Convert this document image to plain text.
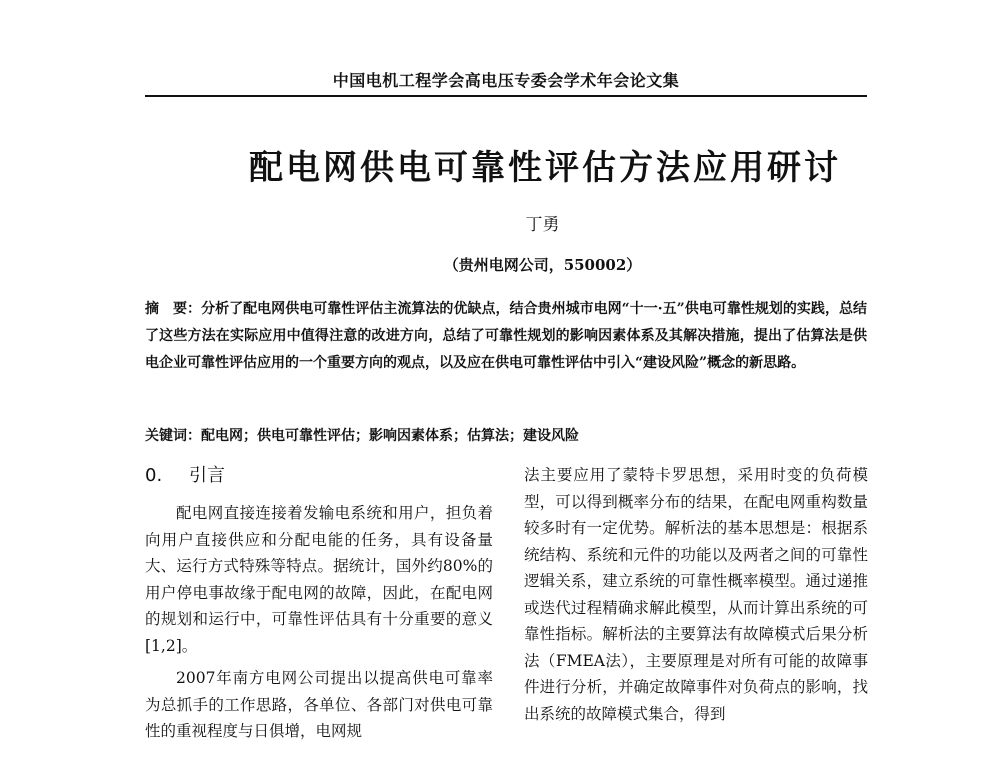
中国电机工程学会高电压专委会学术年会论文集
配电网供电可靠性评估方法应用研讨
丁勇
（贵州电网公司，550002）
摘　要：分析了配电网供电可靠性评估主流算法的优缺点，结合贵州城市电网“十一·五”供电可靠性规划的实践，总结了这些方法在实际应用中值得注意的改进方向，总结了可靠性规划的影响因素体系及其解决措施，提出了估算法是供电企业可靠性评估应用的一个重要方向的观点，以及应在供电可靠性评估中引入“建设风险”概念的新思路。
关键词：配电网；供电可靠性评估；影响因素体系；估算法；建设风险
0. 引言

配电网直接连接着发输电系统和用户，担负着向用户直接供应和分配电能的任务，具有设备量大、运行方式特殊等特点。据统计，国外约80%的用户停电事故缘于配电网的故障，因此，在配电网的规划和运行中，可靠性评估具有十分重要的意义[1,2]。

2007年南方电网公司提出以提高供电可靠率为总抓手的工作思路，各单位、各部门对供电可靠性的重视程度与日俱增，电网规

法主要应用了蒙特卡罗思想，采用时变的负荷模型，可以得到概率分布的结果，在配电网重构数量较多时有一定优势。解析法的基本思想是：根据系统结构、系统和元件的功能以及两者之间的可靠性逻辑关系，建立系统的可靠性概率模型。通过递推或迭代过程精确求解此模型，从而计算出系统的可靠性指标。解析法的主要算法有故障模式后果分析法（FMEA法），主要原理是对所有可能的故障事件进行分析，并确定故障事件对负荷点的影响，找出系统的故障模式集合，得到
